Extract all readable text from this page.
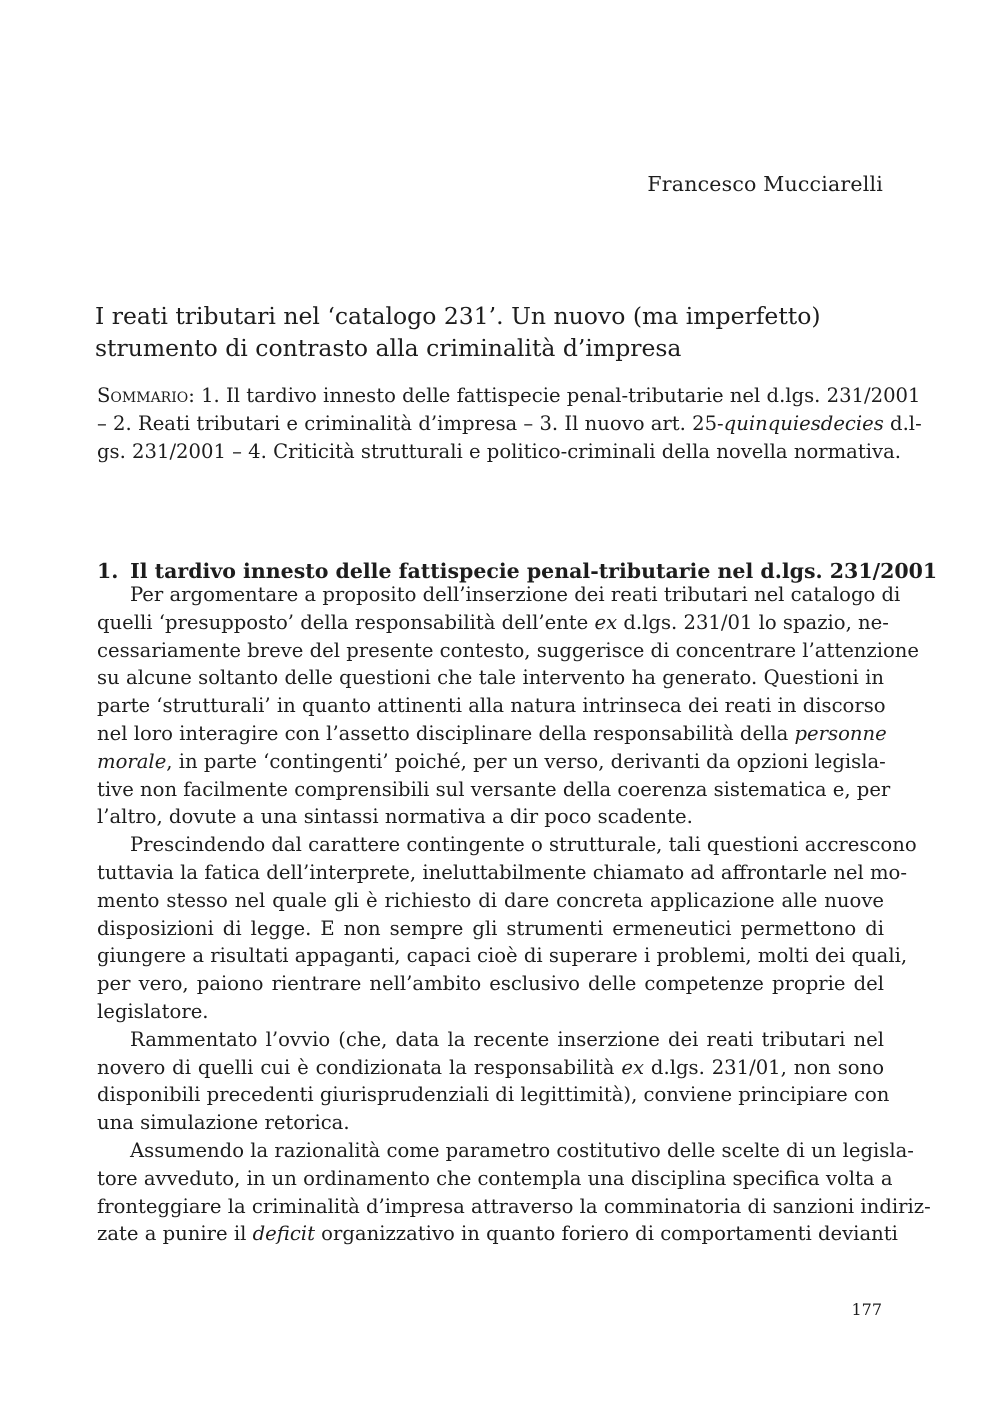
Francesco Mucciarelli
I reati tributari nel ‘catalogo 231’. Un nuovo (ma imperfetto)
strumento di contrasto alla criminalità d’impresa
Sommario: 1. Il tardivo innesto delle fattispecie penal-tributarie nel d.lgs. 231/2001
– 2. Reati tributari e criminalità d’impresa – 3. Il nuovo art. 25-quinquiesdecies d.l-
gs. 231/2001 – 4. Criticità strutturali e politico-criminali della novella normativa.
1. Il tardivo innesto delle fattispecie penal-tributarie nel d.lgs. 231/2001
Per argomentare a proposito dell’inserzione dei reati tributari nel catalogo di
quelli ‘presupposto’ della responsabilità dell’ente ex d.lgs. 231/01 lo spazio, ne-
cessariamente breve del presente contesto, suggerisce di concentrare l’attenzione
su alcune soltanto delle questioni che tale intervento ha generato. Questioni in
parte ‘strutturali’ in quanto attinenti alla natura intrinseca dei reati in discorso
nel loro interagire con l’assetto disciplinare della responsabilità della personne
morale, in parte ‘contingenti’ poiché, per un verso, derivanti da opzioni legisla-
tive non facilmente comprensibili sul versante della coerenza sistematica e, per
l’altro, dovute a una sintassi normativa a dir poco scadente.
Prescindendo dal carattere contingente o strutturale, tali questioni accrescono
tuttavia la fatica dell’interprete, ineluttabilmente chiamato ad affrontarle nel mo-
mento stesso nel quale gli è richiesto di dare concreta applicazione alle nuove
disposizioni di legge. E non sempre gli strumenti ermeneutici permettono di
giungere a risultati appaganti, capaci cioè di superare i problemi, molti dei quali,
per vero, paiono rientrare nell’ambito esclusivo delle competenze proprie del
legislatore.
Rammentato l’ovvio (che, data la recente inserzione dei reati tributari nel
novero di quelli cui è condizionata la responsabilità ex d.lgs. 231/01, non sono
disponibili precedenti giurisprudenziali di legittimità), conviene principiare con
una simulazione retorica.
Assumendo la razionalità come parametro costitutivo delle scelte di un legisla-
tore avveduto, in un ordinamento che contempla una disciplina specifica volta a
fronteggiare la criminalità d’impresa attraverso la comminatoria di sanzioni indiriz-
zate a punire il deficit organizzativo in quanto foriero di comportamenti devianti
177
